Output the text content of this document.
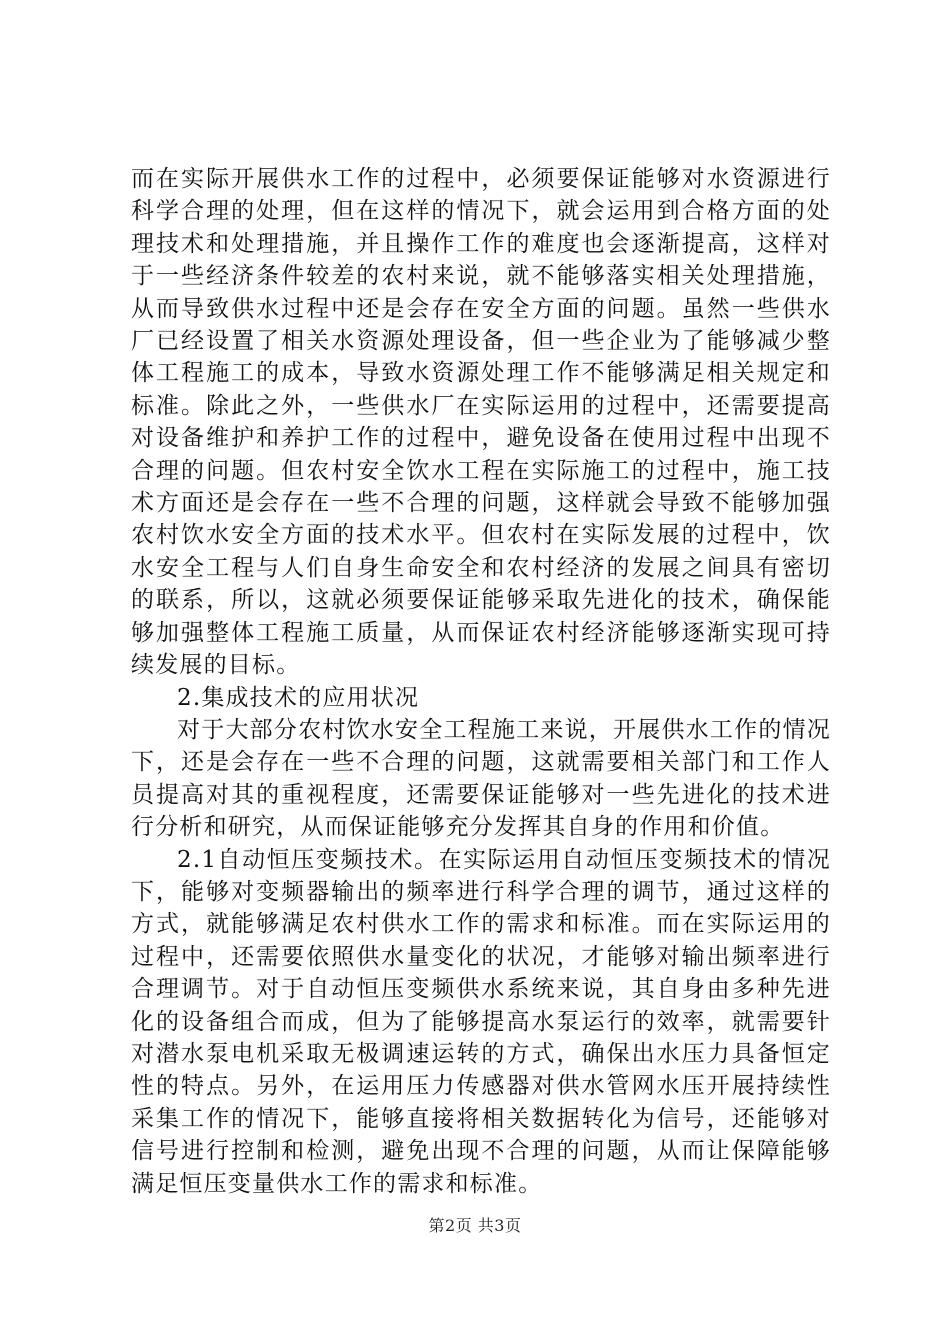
而在实际开展供水工作的过程中，必须要保证能够对水资源进行科学合理的处理，但在这样的情况下，就会运用到合格方面的处理技术和处理措施，并且操作工作的难度也会逐渐提高，这样对于一些经济条件较差的农村来说，就不能够落实相关处理措施，从而导致供水过程中还是会存在安全方面的问题。虽然一些供水厂已经设置了相关水资源处理设备，但一些企业为了能够减少整体工程施工的成本，导致水资源处理工作不能够满足相关规定和标准。除此之外，一些供水厂在实际运用的过程中，还需要提高对设备维护和养护工作的过程中，避免设备在使用过程中出现不合理的问题。但农村安全饮水工程在实际施工的过程中，施工技术方面还是会存在一些不合理的问题，这样就会导致不能够加强农村饮水安全方面的技术水平。但农村在实际发展的过程中，饮水安全工程与人们自身生命安全和农村经济的发展之间具有密切的联系，所以，这就必须要保证能够采取先进化的技术，确保能够加强整体工程施工质量，从而保证农村经济能够逐渐实现可持续发展的目标。

2.集成技术的应用状况

对于大部分农村饮水安全工程施工来说，开展供水工作的情况下，还是会存在一些不合理的问题，这就需要相关部门和工作人员提高对其的重视程度，还需要保证能够对一些先进化的技术进行分析和研究，从而保证能够充分发挥其自身的作用和价值。

2.1自动恒压变频技术。在实际运用自动恒压变频技术的情况下，能够对变频器输出的频率进行科学合理的调节，通过这样的方式，就能够满足农村供水工作的需求和标准。而在实际运用的过程中，还需要依照供水量变化的状况，才能够对输出频率进行合理调节。对于自动恒压变频供水系统来说，其自身由多种先进化的设备组合而成，但为了能够提高水泵运行的效率，就需要针对潜水泵电机采取无极调速运转的方式，确保出水压力具备恒定性的特点。另外，在运用压力传感器对供水管网水压开展持续性采集工作的情况下，能够直接将相关数据转化为信号，还能够对信号进行控制和检测，避免出现不合理的问题，从而让保障能够满足恒压变量供水工作的需求和标准。

第2页 共3页
